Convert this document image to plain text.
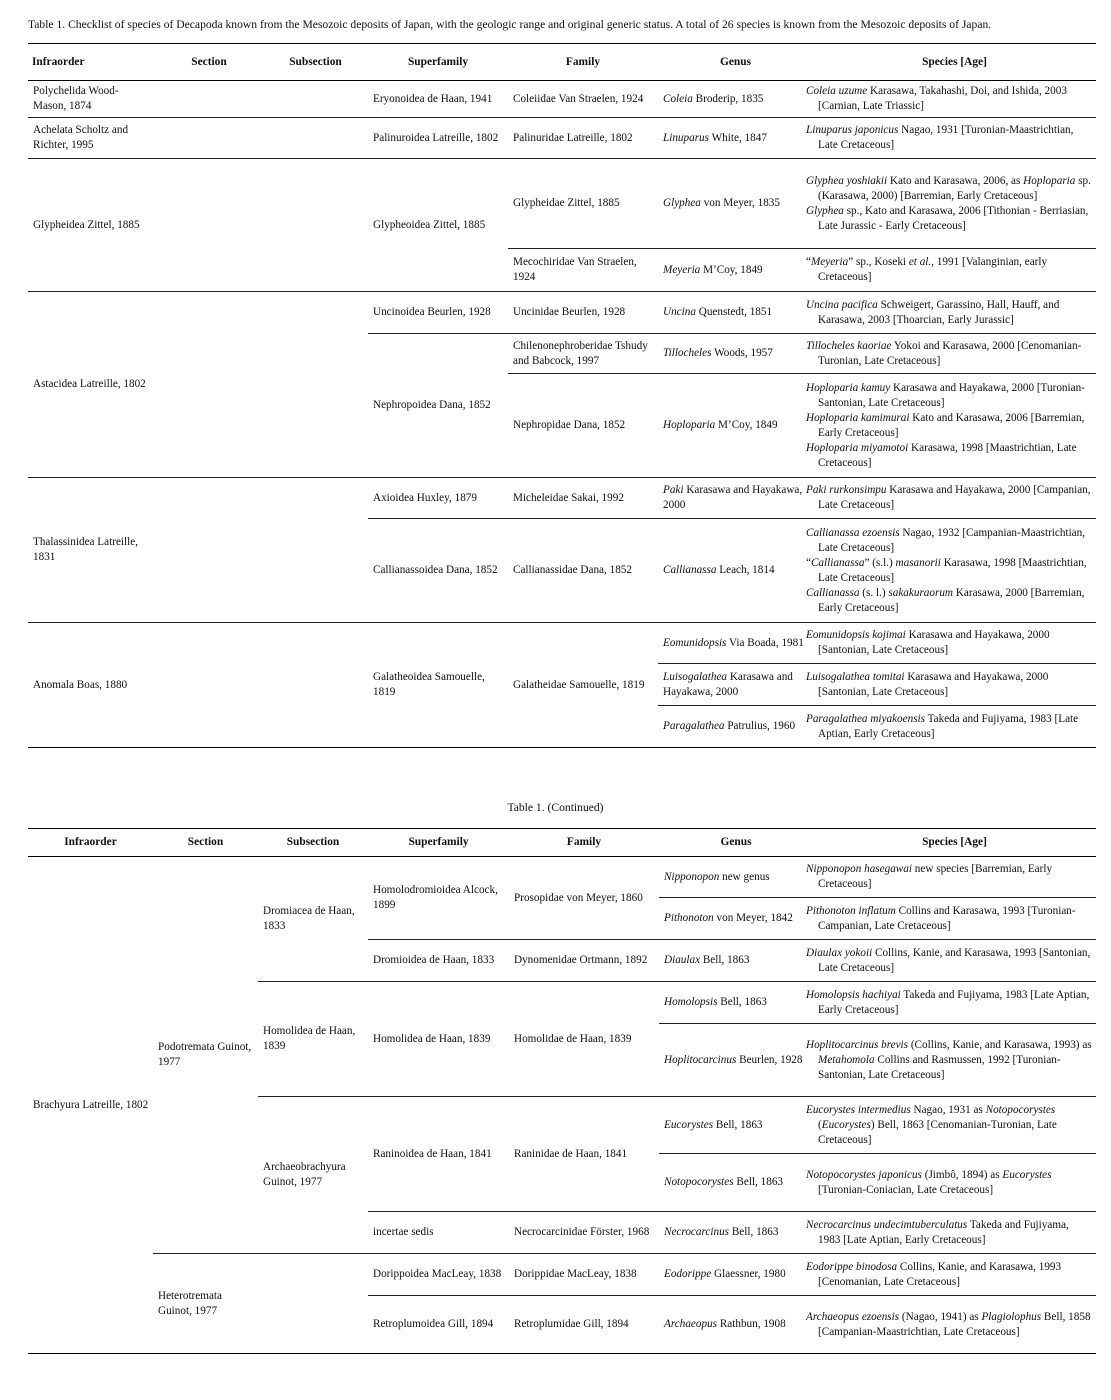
Table 1. Checklist of species of Decapoda known from the Mesozoic deposits of Japan, with the geologic range and original generic status. A total of 26 species is known from the Mesozoic deposits of Japan.
Infraorder	Section	Subsection	Superfamily	Family	Genus	Species [Age]
Polychelida Wood-Mason, 1874			Eryonoidea de Haan, 1941	Coleiidae Van Straelen, 1924	Coleia Broderip, 1835	Coleia uzume Karasawa, Takahashi, Doi, and Ishida, 2003 [Carnian, Late Triassic]
Achelata Scholtz and Richter, 1995			Palinuroidea Latreille, 1802	Palinuridae Latreille, 1802	Linuparus White, 1847	Linuparus japonicus Nagao, 1931 [Turonian-Maastrichtian, Late Cretaceous]
Glypheidea Zittel, 1885			Glypheoidea Zittel, 1885	Glypheidae Zittel, 1885	Glyphea von Meyer, 1835	Glyphea yoshiakii Kato and Karasawa, 2006, as Hoploparia sp. (Karasawa, 2000) [Barremian, Early Cretaceous]
Glyphea sp., Kato and Karasawa, 2006 [Tithonian - Berriasian, Late Jurassic - Early Cretaceous]

				Mecochiridae Van Straelen, 1924	Meyeria M’Coy, 1849	“Meyeria” sp., Koseki et al., 1991 [Valanginian, early Cretaceous]
Astacidea Latreille, 1802			Uncinoidea Beurlen, 1928	Uncinidae Beurlen, 1928	Uncina Quenstedt, 1851	Uncina pacifica Schweigert, Garassino, Hall, Hauff, and Karasawa, 2003 [Thoarcian, Early Jurassic]
			Nephropoidea Dana, 1852	Chilenonephroberidae Tshudy and Babcock, 1997	Tillocheles Woods, 1957	Tillocheles kaoriae Yokoi and Karasawa, 2000 [Cenomanian-Turonian, Late Cretaceous]
				Nephropidae Dana, 1852	Hoploparia M’Coy, 1849	Hoploparia kamuy Karasawa and Hayakawa, 2000 [Turonian-Santonian, Late Cretaceous]
Hoploparia kamimurai Kato and Karasawa, 2006 [Barremian, Early Cretaceous]
Hoploparia miyamotoi Karasawa, 1998 [Maastrichtian, Late Cretaceous]

Thalassinidea Latreille, 1831			Axioidea Huxley, 1879	Micheleidae Sakai, 1992	Paki Karasawa and Hayakawa, 2000	Paki rurkonsimpu Karasawa and Hayakawa, 2000 [Campanian, Late Cretaceous]
			Callianassoidea Dana, 1852	Callianassidae Dana, 1852	Callianassa Leach, 1814	Callianassa ezoensis Nagao, 1932 [Campanian-Maastrichtian, Late Cretaceous]
“Callianassa” (s.l.) masanorii Karasawa, 1998 [Maastrichtian, Late Cretaceous]
Callianassa (s. l.) sakakuraorum Karasawa, 2000 [Barremian, Early Cretaceous]

Anomala Boas, 1880			Galatheoidea Samouelle, 1819	Galatheidae Samouelle, 1819	Eomunidopsis Via Boada, 1981	Eomunidopsis kojimai Karasawa and Hayakawa, 2000 [Santonian, Late Cretaceous]
					Luisogalathea Karasawa and Hayakawa, 2000	Luisogalathea tomitai Karasawa and Hayakawa, 2000 [Santonian, Late Cretaceous]
					Paragalathea Patrulius, 1960	Paragalathea miyakoensis Takeda and Fujiyama, 1983 [Late Aptian, Early Cretaceous]
Table 1. (Continued)
Infraorder	Section	Subsection	Superfamily	Family	Genus	Species [Age]
Brachyura Latreille, 1802	Podotremata Guinot, 1977	Dromiacea de Haan, 1833	Homolodromioidea Alcock, 1899	Prosopidae von Meyer, 1860	Nipponopon new genus	Nipponopon hasegawai new species [Barremian, Early Cretaceous]
					Pithonoton von Meyer, 1842	Pithonoton inflatum Collins and Karasawa, 1993 [Turonian-Campanian, Late Cretaceous]
			Dromioidea de Haan, 1833	Dynomenidae Ortmann, 1892	Diaulax Bell, 1863	Diaulax yokoii Collins, Kanie, and Karasawa, 1993 [Santonian, Late Cretaceous]
		Homolidea de Haan, 1839	Homolidea de Haan, 1839	Homolidae de Haan, 1839	Homolopsis Bell, 1863	Homolopsis hachiyai Takeda and Fujiyama, 1983 [Late Aptian, Early Cretaceous]
					Hoplitocarcinus Beurlen, 1928	Hoplitocarcinus brevis (Collins, Kanie, and Karasawa, 1993) as Metahomola Collins and Rasmussen, 1992 [Turonian-Santonian, Late Cretaceous]
		Archaeobrachyura Guinot, 1977	Raninoidea de Haan, 1841	Raninidae de Haan, 1841	Eucorystes Bell, 1863	Eucorystes intermedius Nagao, 1931 as Notopocorystes (Eucorystes) Bell, 1863 [Cenomanian-Turonian, Late Cretaceous]
					Notopocorystes Bell, 1863	Notopocorystes japonicus (Jimbô, 1894) as Eucorystes [Turonian-Coniacian, Late Cretaceous]
			incertae sedis	Necrocarcinidae Förster, 1968	Necrocarcinus Bell, 1863	Necrocarcinus undecimtuberculatus Takeda and Fujiyama, 1983 [Late Aptian, Early Cretaceous]
	Heterotremata Guinot, 1977		Dorippoidea MacLeay, 1838	Dorippidae MacLeay, 1838	Eodorippe Glaessner, 1980	Eodorippe binodosa Collins, Kanie, and Karasawa, 1993 [Cenomanian, Late Cretaceous]
			Retroplumoidea Gill, 1894	Retroplumidae Gill, 1894	Archaeopus Rathbun, 1908	Archaeopus ezoensis (Nagao, 1941) as Plagiolophus Bell, 1858 [Campanian-Maastrichtian, Late Cretaceous]
